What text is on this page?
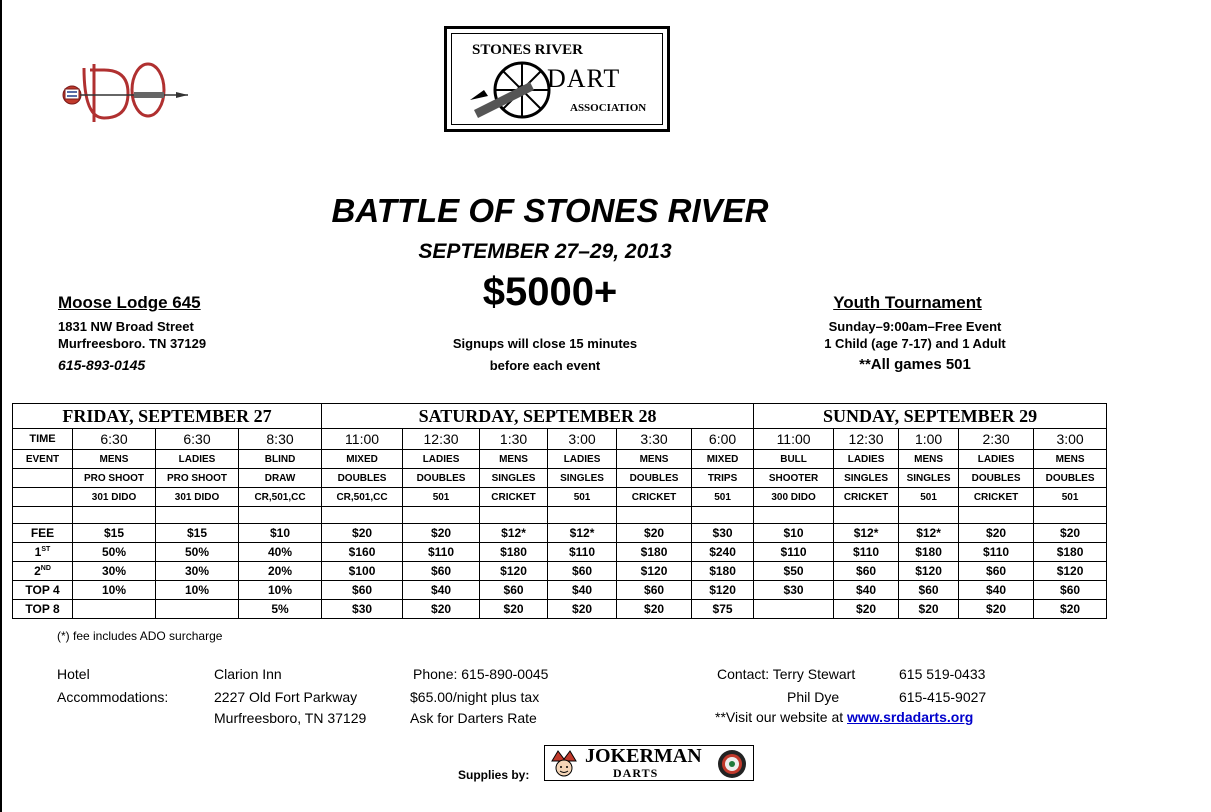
STONES RIVER
DART
ASSOCIATION
BATTLE OF STONES RIVER
SEPTEMBER 27–29, 2013
$5000+
Moose Lodge 645
1831 NW Broad Street
Murfreesboro. TN 37129
615-893-0145
Signups will close 15 minutes
before each event
Youth Tournament
Sunday–9:00am–Free Event
1 Child (age 7-17) and 1 Adult
**All games 501
FRIDAY, SEPTEMBER 27				SATURDAY, SEPTEMBER 28						SUNDAY, SEPTEMBER 29				
TIME	6:30	6:30	8:30	11:00	12:30	1:30	3:00	3:30	6:00	11:00	12:30	1:00	2:30	3:00
EVENT	MENS	LADIES	BLIND	MIXED	LADIES	MENS	LADIES	MENS	MIXED	BULL	LADIES	MENS	LADIES	MENS
	PRO SHOOT	PRO SHOOT	DRAW	DOUBLES	DOUBLES	SINGLES	SINGLES	DOUBLES	TRIPS	SHOOTER	SINGLES	SINGLES	DOUBLES	DOUBLES
	301 DIDO	301 DIDO	CR,501,CC	CR,501,CC	501	CRICKET	501	CRICKET	501	300 DIDO	CRICKET	501	CRICKET	501

FEE	$15	$15	$10	$20	$20	$12*	$12*	$20	$30	$10	$12*	$12*	$20	$20
1ST	50%	50%	40%	$160	$110	$180	$110	$180	$240	$110	$110	$180	$110	$180
2ND	30%	30%	20%	$100	$60	$120	$60	$120	$180	$50	$60	$120	$60	$120
TOP 4	10%	10%	10%	$60	$40	$60	$40	$60	$120	$30	$40	$60	$40	$60
TOP 8			5%	$30	$20	$20	$20	$20	$75		$20	$20	$20	$20
(*) fee includes ADO surcharge
Hotel
Accommodations:
Clarion Inn
2227 Old Fort Parkway
Murfreesboro, TN 37129
Phone: 615-890-0045
$65.00/night plus tax
Ask for Darters Rate
Contact: Terry Stewart	615 519-0433
Phil Dye	615-415-9027
**Visit our website at www.srdadarts.org
Supplies by:
JOKERMAN
DARTS
